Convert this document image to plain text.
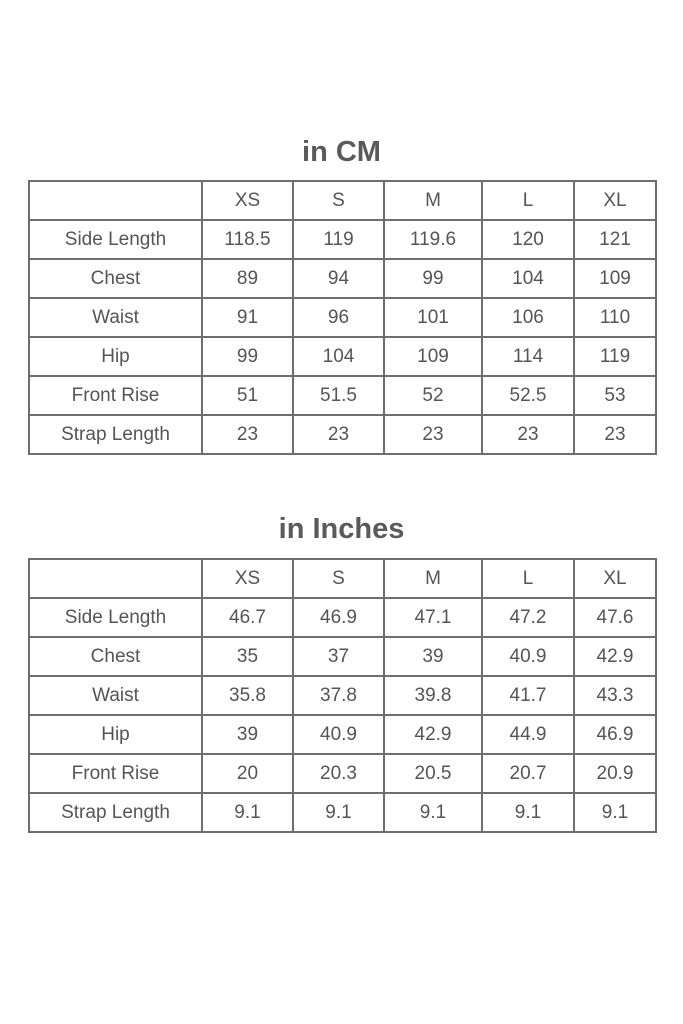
in CM
	XS	S	M	L	XL
Side Length	118.5	119	119.6	120	121
Chest	89	94	99	104	109
Waist	91	96	101	106	110
Hip	99	104	109	114	119
Front Rise	51	51.5	52	52.5	53
Strap Length	23	23	23	23	23
in Inches
	XS	S	M	L	XL
Side Length	46.7	46.9	47.1	47.2	47.6
Chest	35	37	39	40.9	42.9
Waist	35.8	37.8	39.8	41.7	43.3
Hip	39	40.9	42.9	44.9	46.9
Front Rise	20	20.3	20.5	20.7	20.9
Strap Length	9.1	9.1	9.1	9.1	9.1
